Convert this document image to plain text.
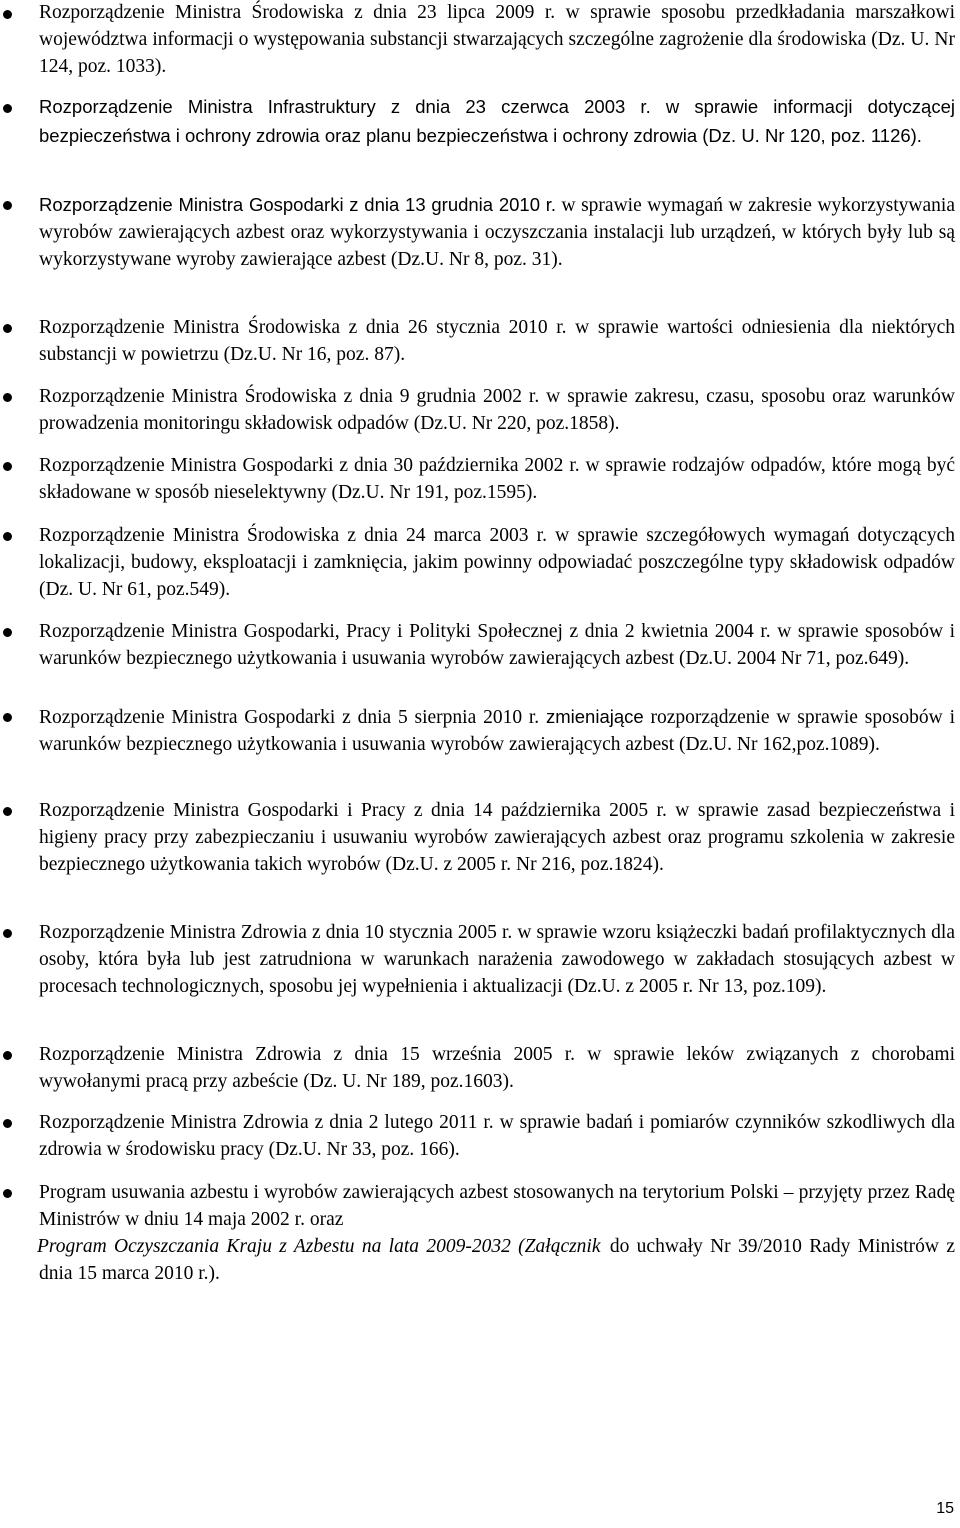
Rozporządzenie Ministra Środowiska z dnia 23 lipca 2009 r. w sprawie sposobu przedkładania marszałkowi województwa informacji o występowania substancji stwarzających szczególne zagrożenie dla środowiska (Dz. U. Nr 124, poz. 1033).
Rozporządzenie Ministra Infrastruktury z dnia 23 czerwca 2003 r. w sprawie informacji dotyczącej bezpieczeństwa i ochrony zdrowia oraz planu bezpieczeństwa i ochrony zdrowia (Dz. U. Nr 120, poz. 1126).
Rozporządzenie Ministra Gospodarki z dnia 13 grudnia 2010 r. w sprawie wymagań w zakresie wykorzystywania wyrobów zawierających azbest oraz wykorzystywania i oczyszczania instalacji lub urządzeń, w których były lub są wykorzystywane wyroby zawierające azbest (Dz.U. Nr 8, poz. 31).
Rozporządzenie Ministra Środowiska z dnia 26 stycznia 2010 r. w sprawie wartości odniesienia dla niektórych substancji w powietrzu (Dz.U. Nr 16, poz. 87).
Rozporządzenie Ministra Środowiska z dnia 9 grudnia 2002 r. w sprawie zakresu, czasu, sposobu oraz warunków prowadzenia monitoringu składowisk odpadów (Dz.U. Nr 220, poz.1858).
Rozporządzenie Ministra Gospodarki z dnia 30 października 2002 r. w sprawie rodzajów odpadów, które mogą być składowane w sposób nieselektywny (Dz.U. Nr 191, poz.1595).
Rozporządzenie Ministra Środowiska z dnia 24 marca 2003 r. w sprawie szczegółowych wymagań dotyczących lokalizacji, budowy, eksploatacji i zamknięcia, jakim powinny odpowiadać poszczególne typy składowisk odpadów (Dz. U. Nr 61, poz.549).
Rozporządzenie Ministra Gospodarki, Pracy i Polityki Społecznej z dnia 2 kwietnia 2004 r. w sprawie sposobów i warunków bezpiecznego użytkowania i usuwania wyrobów zawierających azbest (Dz.U. 2004 Nr 71, poz.649).
Rozporządzenie Ministra Gospodarki z dnia 5 sierpnia 2010 r. zmieniające rozporządzenie w sprawie sposobów i warunków bezpiecznego użytkowania i usuwania wyrobów zawierających azbest (Dz.U. Nr 162,poz.1089).
Rozporządzenie Ministra Gospodarki i Pracy z dnia 14 października 2005 r. w sprawie zasad bezpieczeństwa i higieny pracy przy zabezpieczaniu i usuwaniu wyrobów zawierających azbest oraz programu szkolenia w zakresie bezpiecznego użytkowania takich wyrobów (Dz.U. z 2005 r. Nr 216, poz.1824).
Rozporządzenie Ministra Zdrowia z dnia 10 stycznia 2005 r. w sprawie wzoru książeczki badań profilaktycznych dla osoby, która była lub jest zatrudniona w warunkach narażenia zawodowego w zakładach stosujących azbest w procesach technologicznych, sposobu jej wypełnienia i aktualizacji (Dz.U. z 2005 r. Nr 13, poz.109).
Rozporządzenie Ministra Zdrowia z dnia 15 września 2005 r. w sprawie leków związanych z chorobami wywołanymi pracą przy azbeście (Dz. U. Nr 189, poz.1603).
Rozporządzenie Ministra Zdrowia z dnia 2 lutego 2011 r. w sprawie badań i pomiarów czynników szkodliwych dla zdrowia w środowisku pracy (Dz.U. Nr 33, poz. 166).
Program usuwania azbestu i wyrobów zawierających azbest stosowanych na terytorium Polski – przyjęty przez Radę Ministrów w dniu 14 maja 2002 r. oraz
Program Oczyszczania Kraju z Azbestu na lata 2009-2032 (Załącznik do uchwały Nr 39/2010 Rady Ministrów z dnia 15 marca 2010 r.).
15
